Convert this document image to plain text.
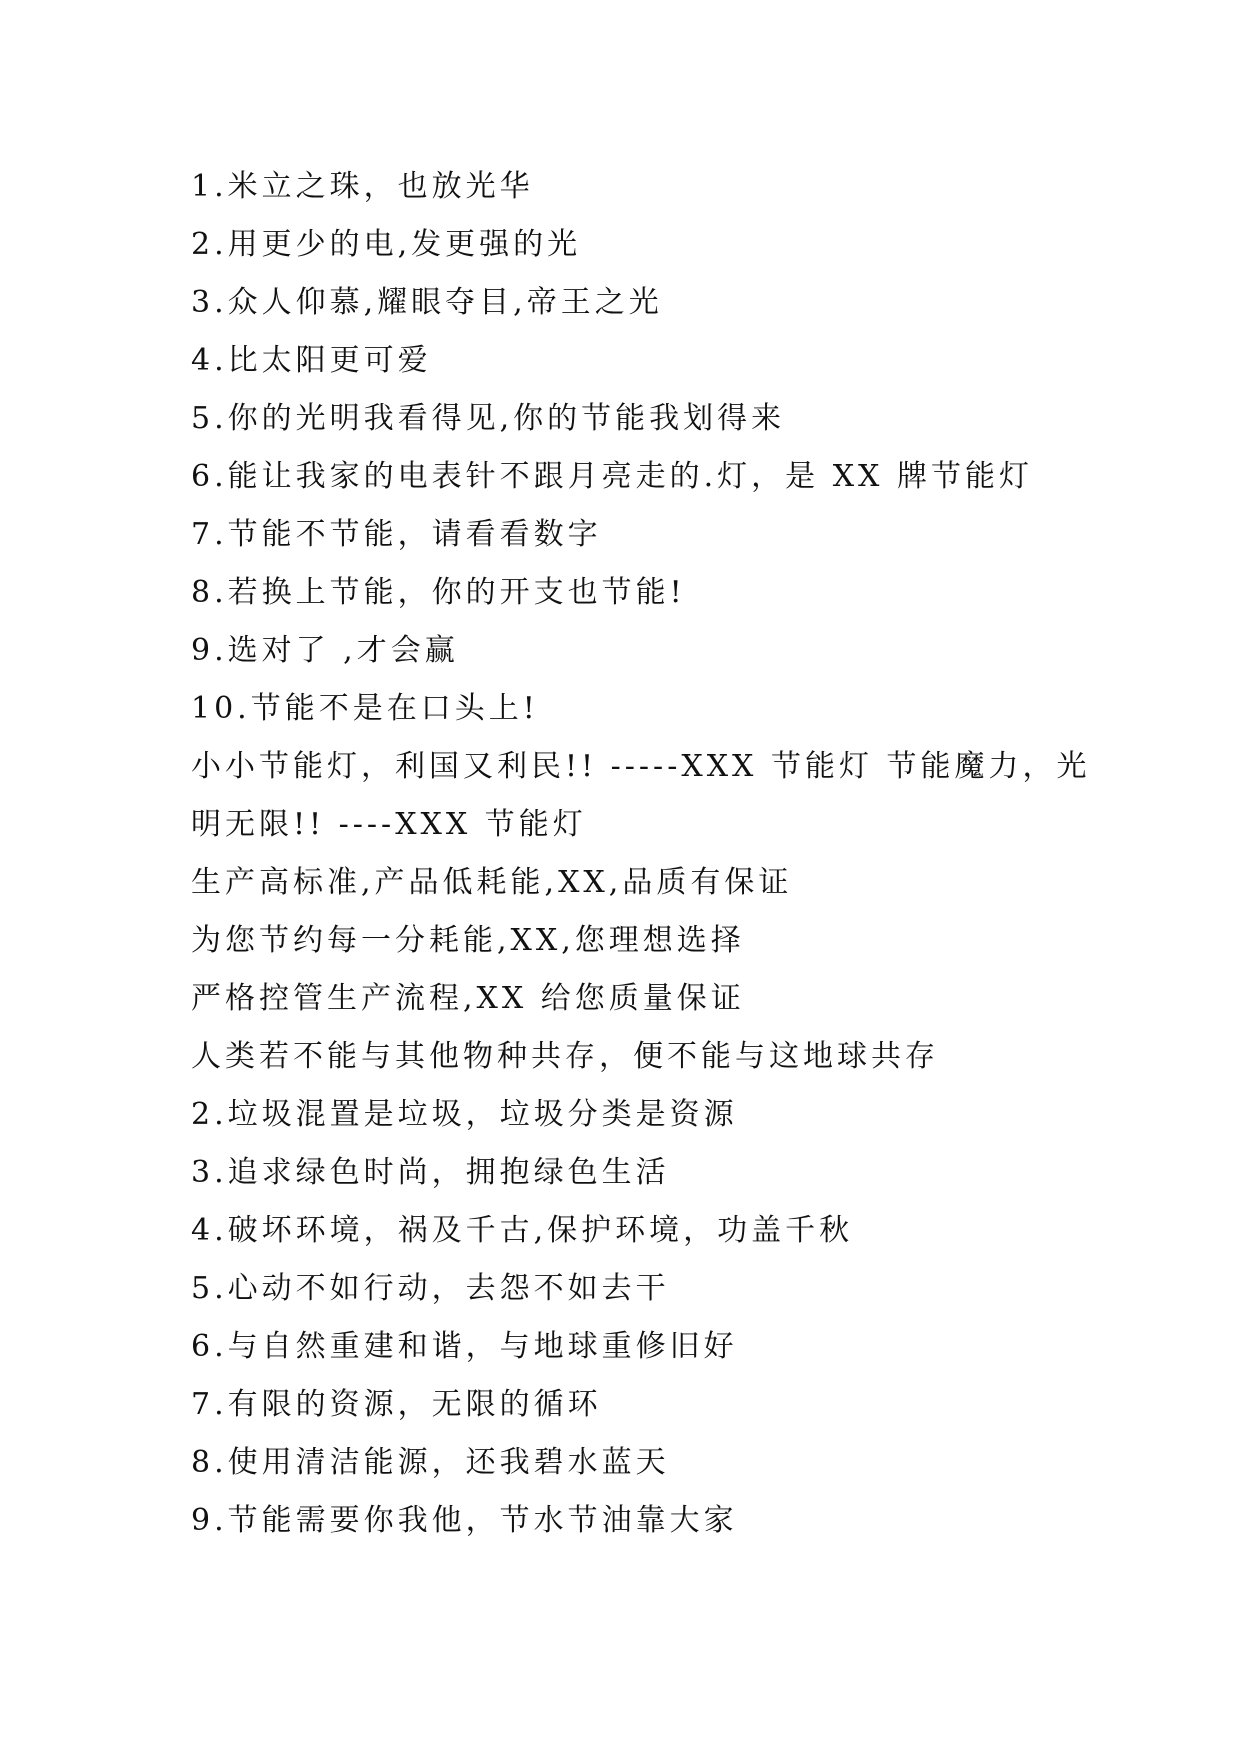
1.米立之珠，也放光华
2.用更少的电,发更强的光
3.众人仰慕,耀眼夺目,帝王之光
4.比太阳更可爱
5.你的光明我看得见,你的节能我划得来
6.能让我家的电表针不跟月亮走的.灯，是 XX 牌节能灯
7.节能不节能，请看看数字
8.若换上节能，你的开支也节能!
9.选对了 ,才会赢
10.节能不是在口头上!
小小节能灯，利国又利民!! -----XXX 节能灯 节能魔力，光
明无限!! ----XXX 节能灯
生产高标准,产品低耗能,XX,品质有保证
为您节约每一分耗能,XX,您理想选择
严格控管生产流程,XX 给您质量保证
人类若不能与其他物种共存，便不能与这地球共存
2.垃圾混置是垃圾，垃圾分类是资源
3.追求绿色时尚，拥抱绿色生活
4.破坏环境，祸及千古,保护环境，功盖千秋
5.心动不如行动，去怨不如去干
6.与自然重建和谐，与地球重修旧好
7.有限的资源，无限的循环
8.使用清洁能源，还我碧水蓝天
9.节能需要你我他，节水节油靠大家
